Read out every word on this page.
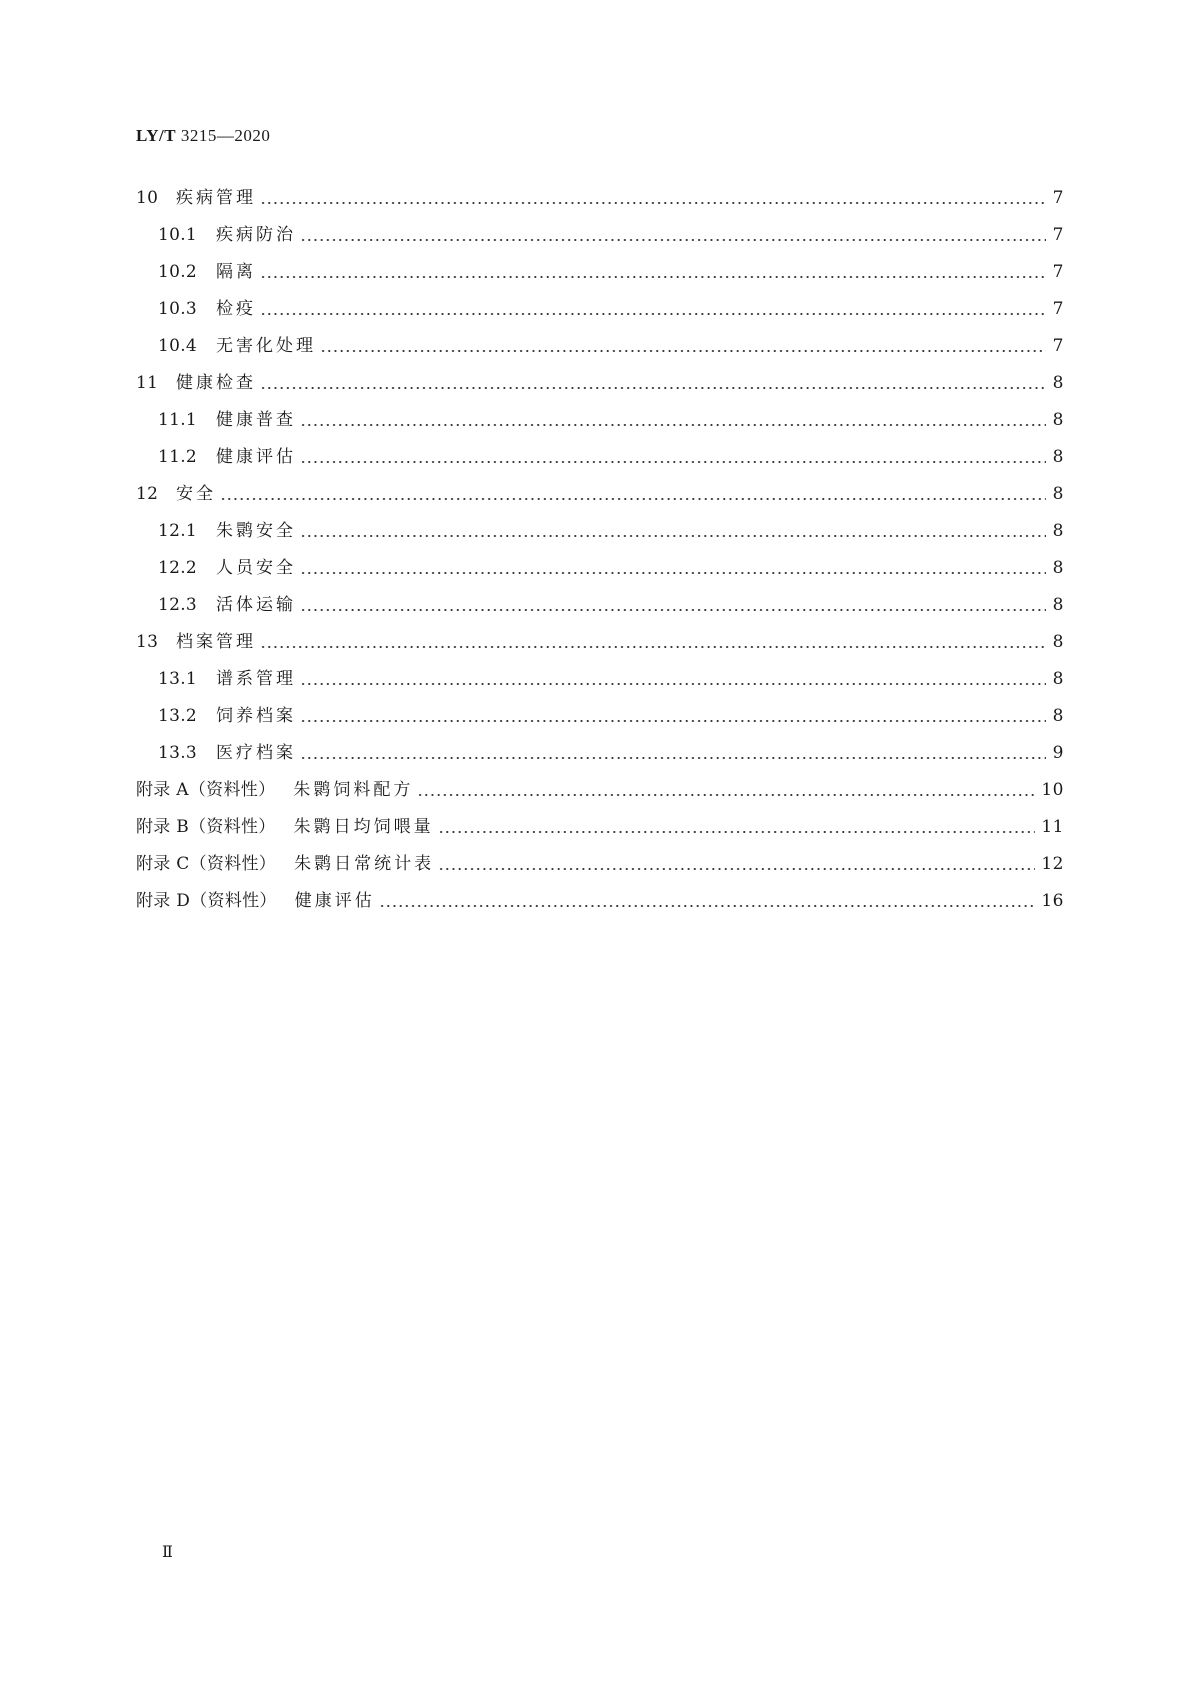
LY/T 3215—2020
10	疾病管理	7
10.1	疾病防治	7
10.2	隔离	7
10.3	检疫	7
10.4	无害化处理	7
11	健康检查	8
11.1	健康普查	8
11.2	健康评估	8
12	安全	8
12.1	朱鹮安全	8
12.2	人员安全	8
12.3	活体运输	8
13	档案管理	8
13.1	谱系管理	8
13.2	饲养档案	8
13.3	医疗档案	9
附录 A（资料性） 朱鹮饲料配方	10
附录 B（资料性） 朱鹮日均饲喂量	11
附录 C（资料性） 朱鹮日常统计表	12
附录 D（资料性） 健康评估	16
Ⅱ
